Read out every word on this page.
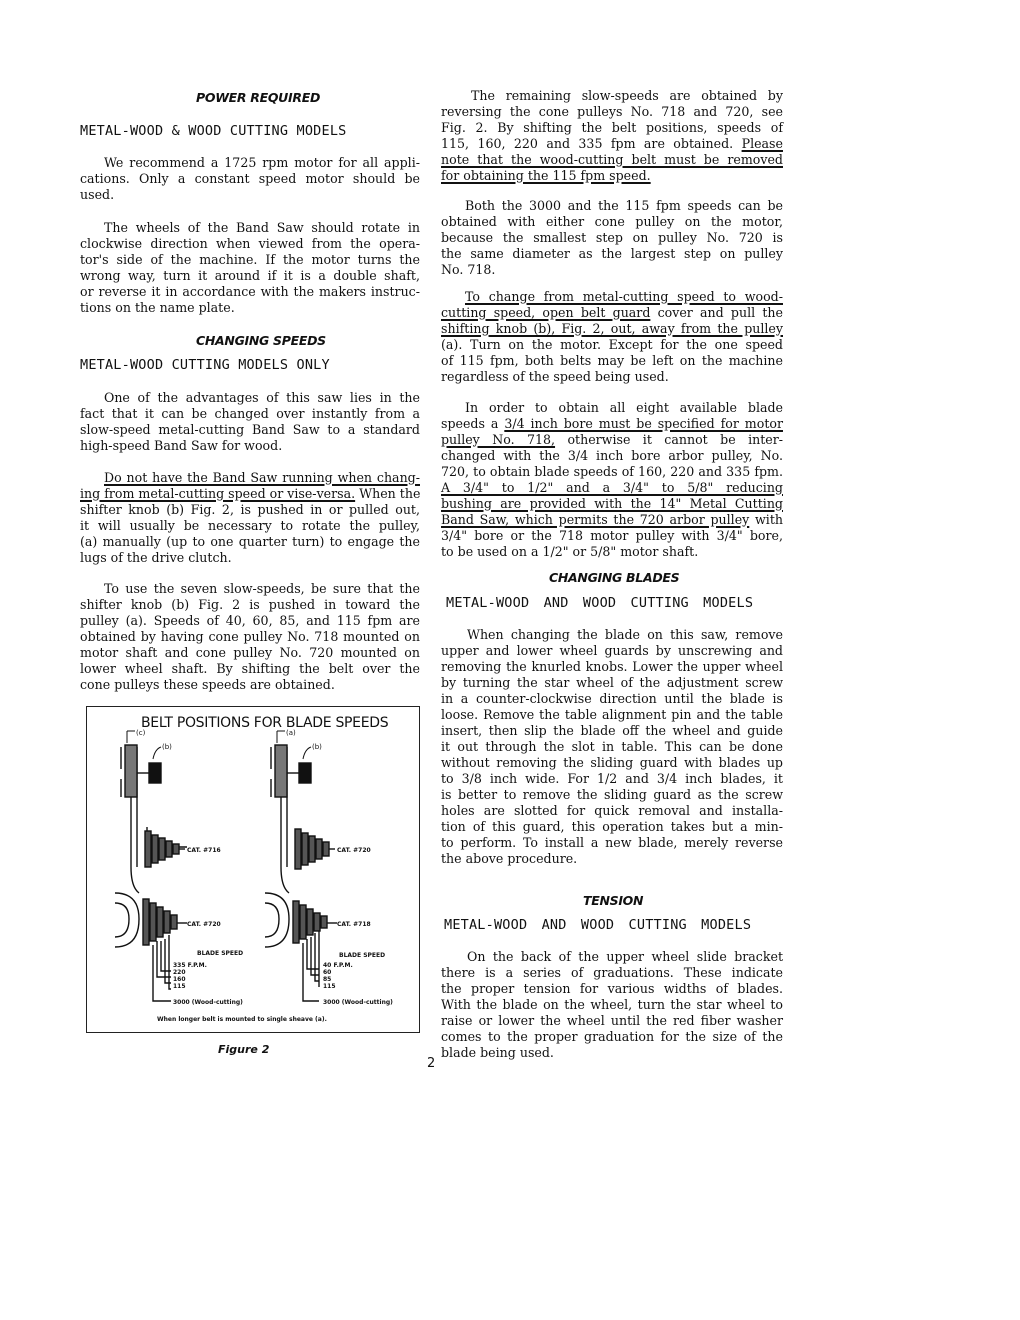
POWER REQUIRED
METAL-WOOD & WOOD CUTTING MODELS
We recommend a 1725 rpm motor for all appli-
cations. Only a constant speed motor should be
used.
The wheels of the Band Saw should rotate in
clockwise direction when viewed from the opera-
tor's side of the machine. If the motor turns the
wrong way, turn it around if it is a double shaft,
or reverse it in accordance with the makers instruc-
tions on the name plate.
CHANGING SPEEDS
METAL-WOOD CUTTING MODELS ONLY
One of the advantages of this saw lies in the
fact that it can be changed over instantly from a
slow-speed metal-cutting Band Saw to a standard
high-speed Band Saw for wood.
Do not have the Band Saw running when chang-
ing from metal-cutting speed or vise-versa. When the
shifter knob (b) Fig. 2, is pushed in or pulled out,
it will usually be necessary to rotate the pulley,
(a) manually (up to one quarter turn) to engage the
lugs of the drive clutch.
To use the seven slow-speeds, be sure that the
shifter knob (b) Fig. 2 is pushed in toward the
pulley (a). Speeds of 40, 60, 85, and 115 fpm are
obtained by having cone pulley No. 718 mounted on
motor shaft and cone pulley No. 720 mounted on
lower wheel shaft. By shifting the belt over the
cone pulleys these speeds are obtained.
BELT POSITIONS FOR BLADE SPEEDS
(c)
(b)
CAT. #716
(a)
(b)
CAT. #720
CAT. #720
BLADE SPEED
335 F.P.M.
220
160
115
3000 (Wood-cutting)
CAT. #718
BLADE SPEED
40 F.P.M.
60
85
115
3000 (Wood-cutting)
When longer belt is mounted to single sheave (a).
Figure 2
2
The remaining slow-speeds are obtained by
reversing the cone pulleys No. 718 and 720, see
Fig. 2. By shifting the belt positions, speeds of
115, 160, 220 and 335 fpm are obtained. Please
note that the wood-cutting belt must be removed
for obtaining the 115 fpm speed.
Both the 3000 and the 115 fpm speeds can be
obtained with either cone pulley on the motor,
because the smallest step on pulley No. 720 is
the same diameter as the largest step on pulley
No. 718.
To change from metal-cutting speed to wood-
cutting speed, open belt guard cover and pull the
shifting knob (b), Fig. 2, out, away from the pulley
(a). Turn on the motor. Except for the one speed
of 115 fpm, both belts may be left on the machine
regardless of the speed being used.
In order to obtain all eight available blade
speeds a 3/4 inch bore must be specified for motor
pulley No. 718, otherwise it cannot be inter-
changed with the 3/4 inch bore arbor pulley, No.
720, to obtain blade speeds of 160, 220 and 335 fpm.
A 3/4" to 1/2" and a 3/4" to 5/8" reducing
bushing are provided with the 14" Metal Cutting
Band Saw, which permits the 720 arbor pulley with
3/4" bore or the 718 motor pulley with 3/4" bore,
to be used on a 1/2" or 5/8" motor shaft.
CHANGING BLADES
METAL-WOOD AND WOOD CUTTING MODELS
When changing the blade on this saw, remove
upper and lower wheel guards by unscrewing and
removing the knurled knobs. Lower the upper wheel
by turning the star wheel of the adjustment screw
in a counter-clockwise direction until the blade is
loose. Remove the table alignment pin and the table
insert, then slip the blade off the wheel and guide
it out through the slot in table. This can be done
without removing the sliding guard with blades up
to 3/8 inch wide. For 1/2 and 3/4 inch blades, it
is better to remove the sliding guard as the screw
holes are slotted for quick removal and installa-
tion of this guard, this operation takes but a min-
to perform. To install a new blade, merely reverse
the above procedure.
TENSION
METAL-WOOD AND WOOD CUTTING MODELS
On the back of the upper wheel slide bracket
there is a series of graduations. These indicate
the proper tension for various widths of blades.
With the blade on the wheel, turn the star wheel to
raise or lower the wheel until the red fiber washer
comes to the proper graduation for the size of the
blade being used.
